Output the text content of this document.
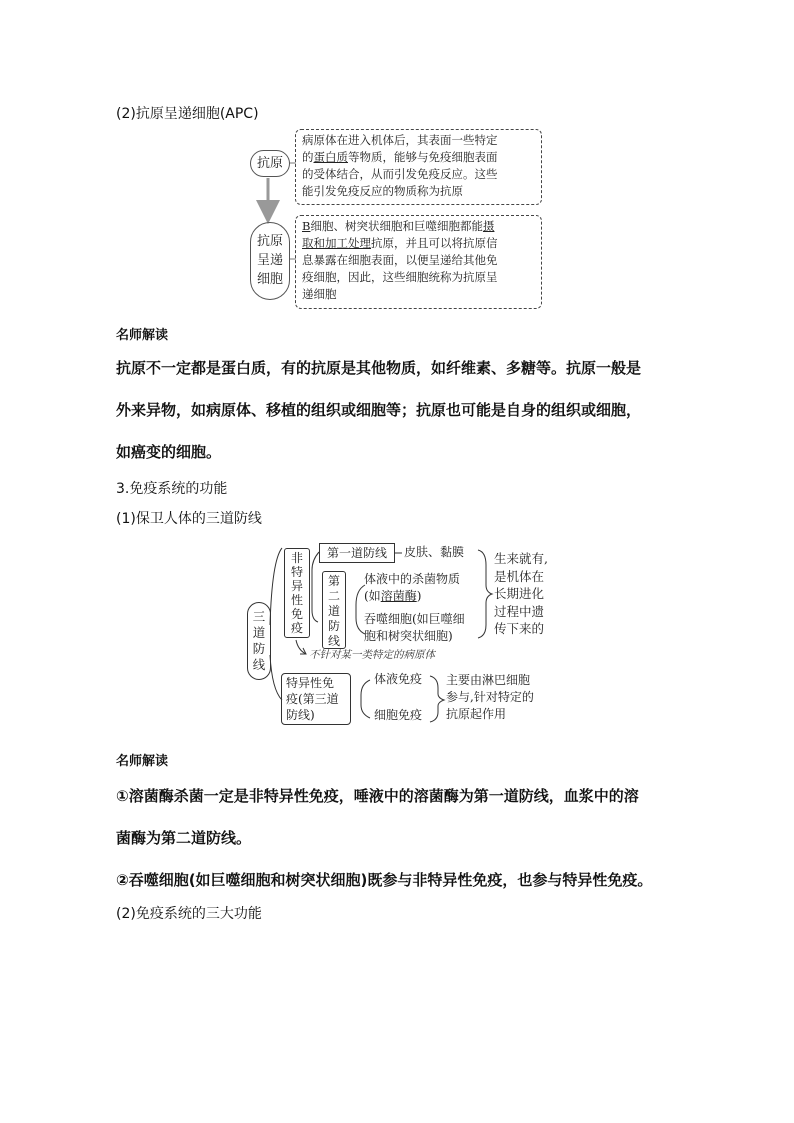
(2)抗原呈递细胞(APC)
抗原
病原体在进入机体后，其表面一些特定
的蛋白质等物质，能够与免疫细胞表面
的受体结合，从而引发免疫反应。这些
能引发免疫反应的物质称为抗原
抗原
呈递
细胞
B细胞、树突状细胞和巨噬细胞都能摄
取和加工处理抗原，并且可以将抗原信
息暴露在细胞表面，以便呈递给其他免
疫细胞，因此，这些细胞统称为抗原呈
递细胞
名师解读
抗原不一定都是蛋白质，有的抗原是其他物质，如纤维素、多糖等。抗原一般是
外来异物，如病原体、移植的组织或细胞等；抗原也可能是自身的组织或细胞，
如癌变的细胞。
3.免疫系统的功能
(1)保卫人体的三道防线
三
道
防
线
非
特
异
性
免
疫
第一道防线	皮肤、黏膜
第
二
道
防
线
体液中的杀菌物质
(如溶菌酶)
吞噬细胞(如巨噬细
胞和树突状细胞)
生来就有,
是机体在
长期进化
过程中遗
传下来的
不针对某一类特定的病原体
特异性免
疫(第三道
防线)
体液免疫
细胞免疫
主要由淋巴细胞
参与,针对特定的
抗原起作用
名师解读
①溶菌酶杀菌一定是非特异性免疫，唾液中的溶菌酶为第一道防线，血浆中的溶
菌酶为第二道防线。
②吞噬细胞(如巨噬细胞和树突状细胞)既参与非特异性免疫，也参与特异性免疫。
(2)免疫系统的三大功能
